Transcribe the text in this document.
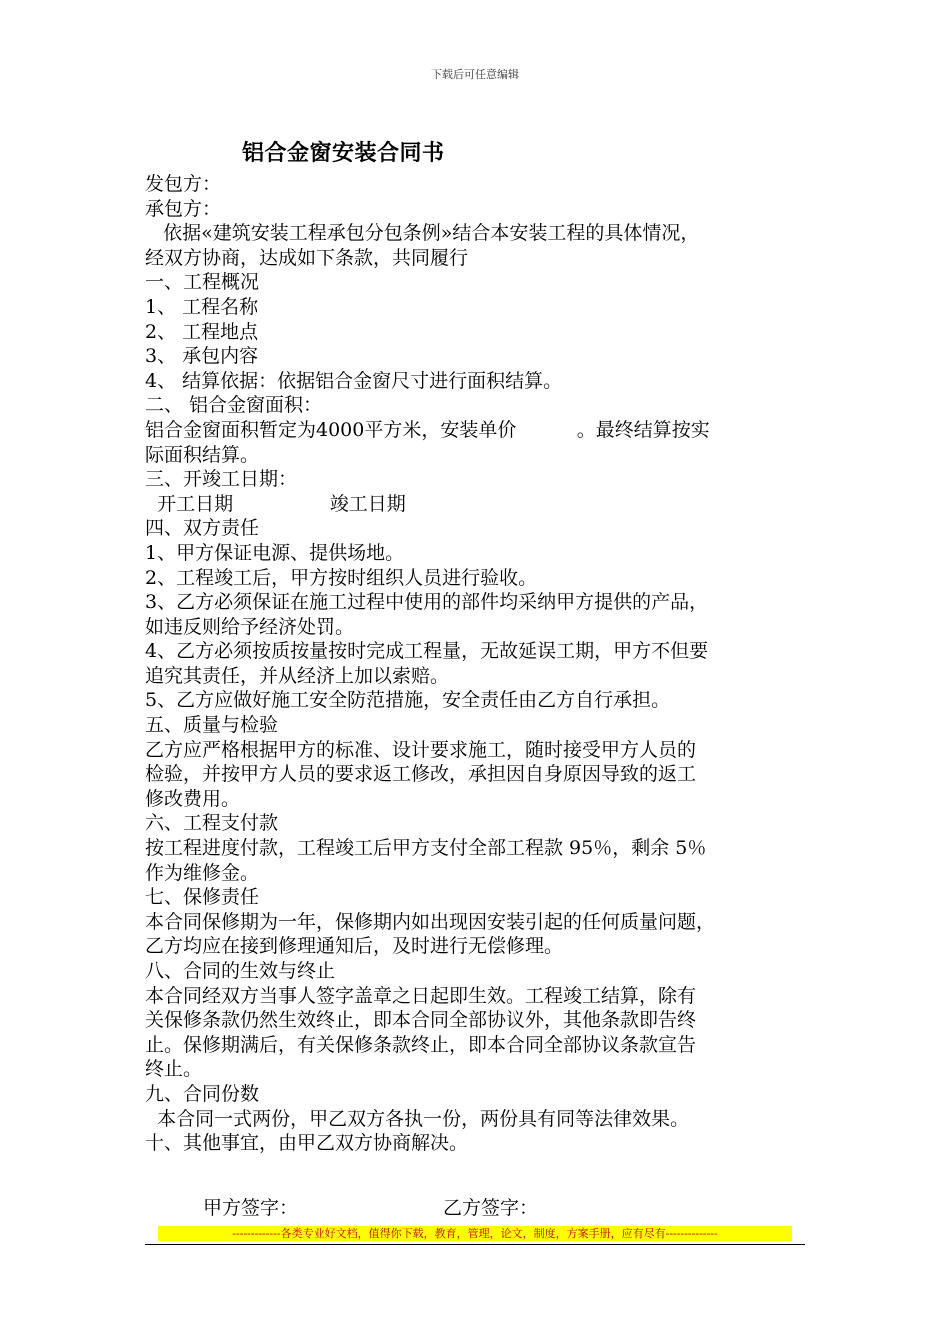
下载后可任意编辑
铝合金窗安装合同书
发包方：
承包方：
依据«建筑安装工程承包分包条例»结合本安装工程的具体情况，
经双方协商，达成如下条款，共同履行
一、工程概况
1、 工程名称
2、 工程地点
3、 承包内容
4、 结算依据：依据铝合金窗尺寸进行面积结算。
二、 铝合金窗面积：
铝合金窗面积暂定为4000平方米，安装单价          。最终结算按实
际面积结算。
三、开竣工日期：
开工日期                竣工日期
四、双方责任
1、甲方保证电源、提供场地。
2、工程竣工后，甲方按时组织人员进行验收。
3、乙方必须保证在施工过程中使用的部件均采纳甲方提供的产品，
如违反则给予经济处罚。
4、乙方必须按质按量按时完成工程量，无故延误工期，甲方不但要
追究其责任，并从经济上加以索赔。
5、乙方应做好施工安全防范措施，安全责任由乙方自行承担。
五、质量与检验
乙方应严格根据甲方的标准、设计要求施工，随时接受甲方人员的
检验，并按甲方人员的要求返工修改，承担因自身原因导致的返工
修改费用。
六、工程支付款
按工程进度付款，工程竣工后甲方支付全部工程款 95％，剩余 5％
作为维修金。
七、保修责任
本合同保修期为一年，保修期内如出现因安装引起的任何质量问题，
乙方均应在接到修理通知后，及时进行无偿修理。
八、合同的生效与终止
本合同经双方当事人签字盖章之日起即生效。工程竣工结算，除有
关保修条款仍然生效终止，即本合同全部协议外，其他条款即告终
止。保修期满后，有关保修条款终止，即本合同全部协议条款宣告
终止。
九、合同份数
本合同一式两份，甲乙双方各执一份，两份具有同等法律效果。
十、其他事宜，由甲乙双方协商解决。
甲方签字：	乙方签字：
-------------各类专业好文档，值得你下载，教育，管理，论文，制度，方案手册，应有尽有--------------
